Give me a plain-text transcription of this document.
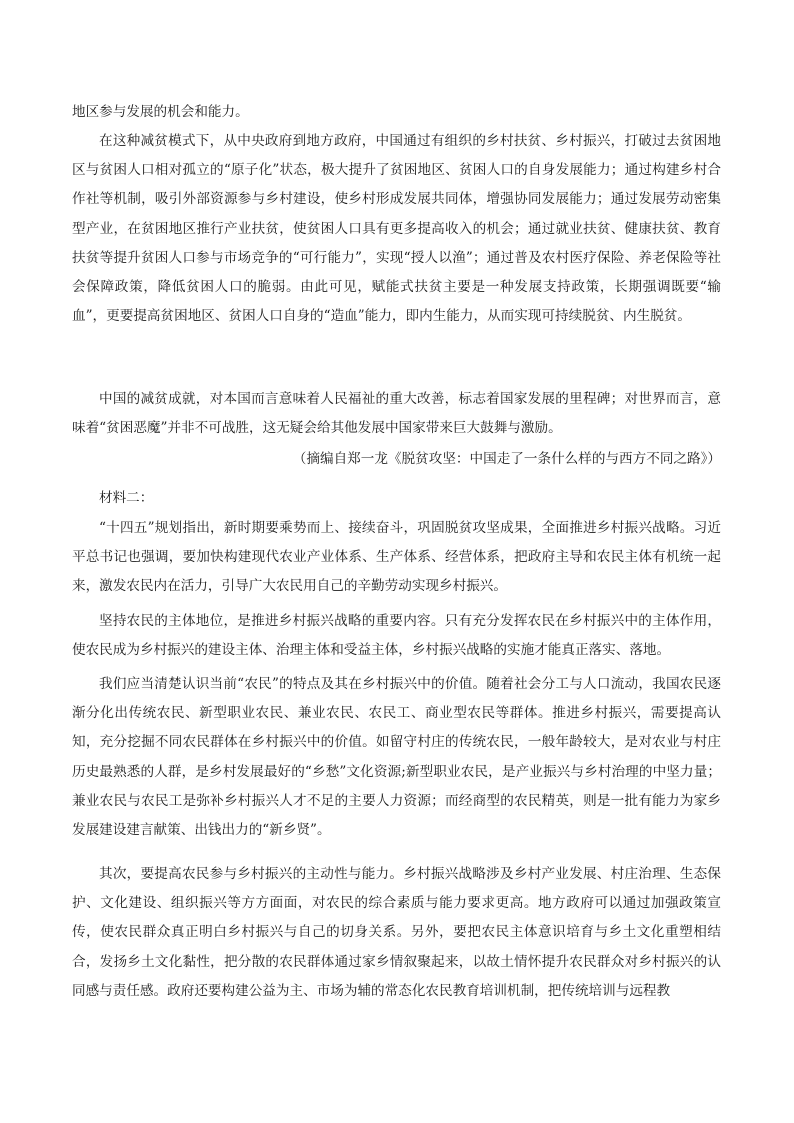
地区参与发展的机会和能力。

在这种减贫模式下，从中央政府到地方政府，中国通过有组织的乡村扶贫、乡村振兴，打破过去贫困地区与贫困人口相对孤立的“原子化”状态，极大提升了贫困地区、贫困人口的自身发展能力；通过构建乡村合作社等机制，吸引外部资源参与乡村建设，使乡村形成发展共同体，增强协同发展能力；通过发展劳动密集型产业，在贫困地区推行产业扶贫，使贫困人口具有更多提高收入的机会；通过就业扶贫、健康扶贫、教育扶贫等提升贫困人口参与市场竞争的“可行能力”，实现“授人以渔”；通过普及农村医疗保险、养老保险等社会保障政策，降低贫困人口的脆弱。由此可见，赋能式扶贫主要是一种发展支持政策，长期强调既要“输血”，更要提高贫困地区、贫困人口自身的“造血”能力，即内生能力，从而实现可持续脱贫、内生脱贫。

中国的减贫成就，对本国而言意味着人民福祉的重大改善，标志着国家发展的里程碑；对世界而言，意味着“贫困恶魔”并非不可战胜，这无疑会给其他发展中国家带来巨大鼓舞与激励。

（摘编自郑一龙《脱贫攻坚：中国走了一条什么样的与西方不同之路》）

材料二：

“十四五”规划指出，新时期要乘势而上、接续奋斗，巩固脱贫攻坚成果，全面推进乡村振兴战略。习近平总书记也强调，要加快构建现代农业产业体系、生产体系、经营体系，把政府主导和农民主体有机统一起来，激发农民内在活力，引导广大农民用自己的辛勤劳动实现乡村振兴。

坚持农民的主体地位，是推进乡村振兴战略的重要内容。只有充分发挥农民在乡村振兴中的主体作用，使农民成为乡村振兴的建设主体、治理主体和受益主体，乡村振兴战略的实施才能真正落实、落地。

我们应当清楚认识当前“农民”的特点及其在乡村振兴中的价值。随着社会分工与人口流动，我国农民逐渐分化出传统农民、新型职业农民、兼业农民、农民工、商业型农民等群体。推进乡村振兴，需要提高认知，充分挖掘不同农民群体在乡村振兴中的价值。如留守村庄的传统农民，一般年龄较大，是对农业与村庄历史最熟悉的人群，是乡村发展最好的“乡愁”文化资源;新型职业农民，是产业振兴与乡村治理的中坚力量；兼业农民与农民工是弥补乡村振兴人才不足的主要人力资源；而经商型的农民精英，则是一批有能力为家乡发展建设建言献策、出钱出力的“新乡贤”。

其次，要提高农民参与乡村振兴的主动性与能力。乡村振兴战略涉及乡村产业发展、村庄治理、生态保护、文化建设、组织振兴等方方面面，对农民的综合素质与能力要求更高。地方政府可以通过加强政策宣传，使农民群众真正明白乡村振兴与自己的切身关系。另外，要把农民主体意识培育与乡土文化重塑相结合，发扬乡土文化黏性，把分散的农民群体通过家乡情叙聚起来，以故土情怀提升农民群众对乡村振兴的认同感与责任感。政府还要构建公益为主、市场为辅的常态化农民教育培训机制，把传统培训与远程教
